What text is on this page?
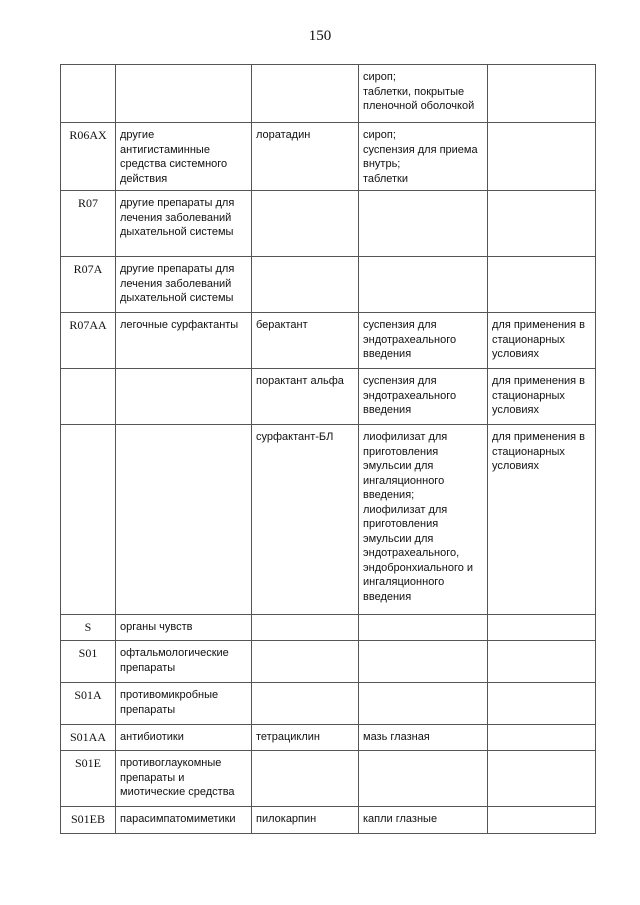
150
			сироп;
таблетки, покрытые пленочной оболочкой	
R06AX	другие антигистаминные средства системного действия	лоратадин	сироп;
суспензия для приема внутрь;
таблетки	
R07	другие препараты для лечения заболеваний дыхательной системы			
R07A	другие препараты для лечения заболеваний дыхательной системы			
R07AA	легочные сурфактанты	берактант	суспензия для эндотрахеального введения	для применения в стационарных условиях
		порактант альфа	суспензия для эндотрахеального введения	для применения в стационарных условиях
		сурфактант-БЛ	лиофилизат для приготовления эмульсии для ингаляционного введения;
лиофилизат для приготовления эмульсии для эндотрахеального, эндобронхиального и ингаляционного введения	для применения в стационарных условиях
S	органы чувств			
S01	офтальмологические препараты			
S01A	противомикробные препараты			
S01AA	антибиотики	тетрациклин	мазь глазная	
S01E	противоглаукомные препараты и миотические средства			
S01EB	парасимпатомиметики	пилокарпин	капли глазные	
